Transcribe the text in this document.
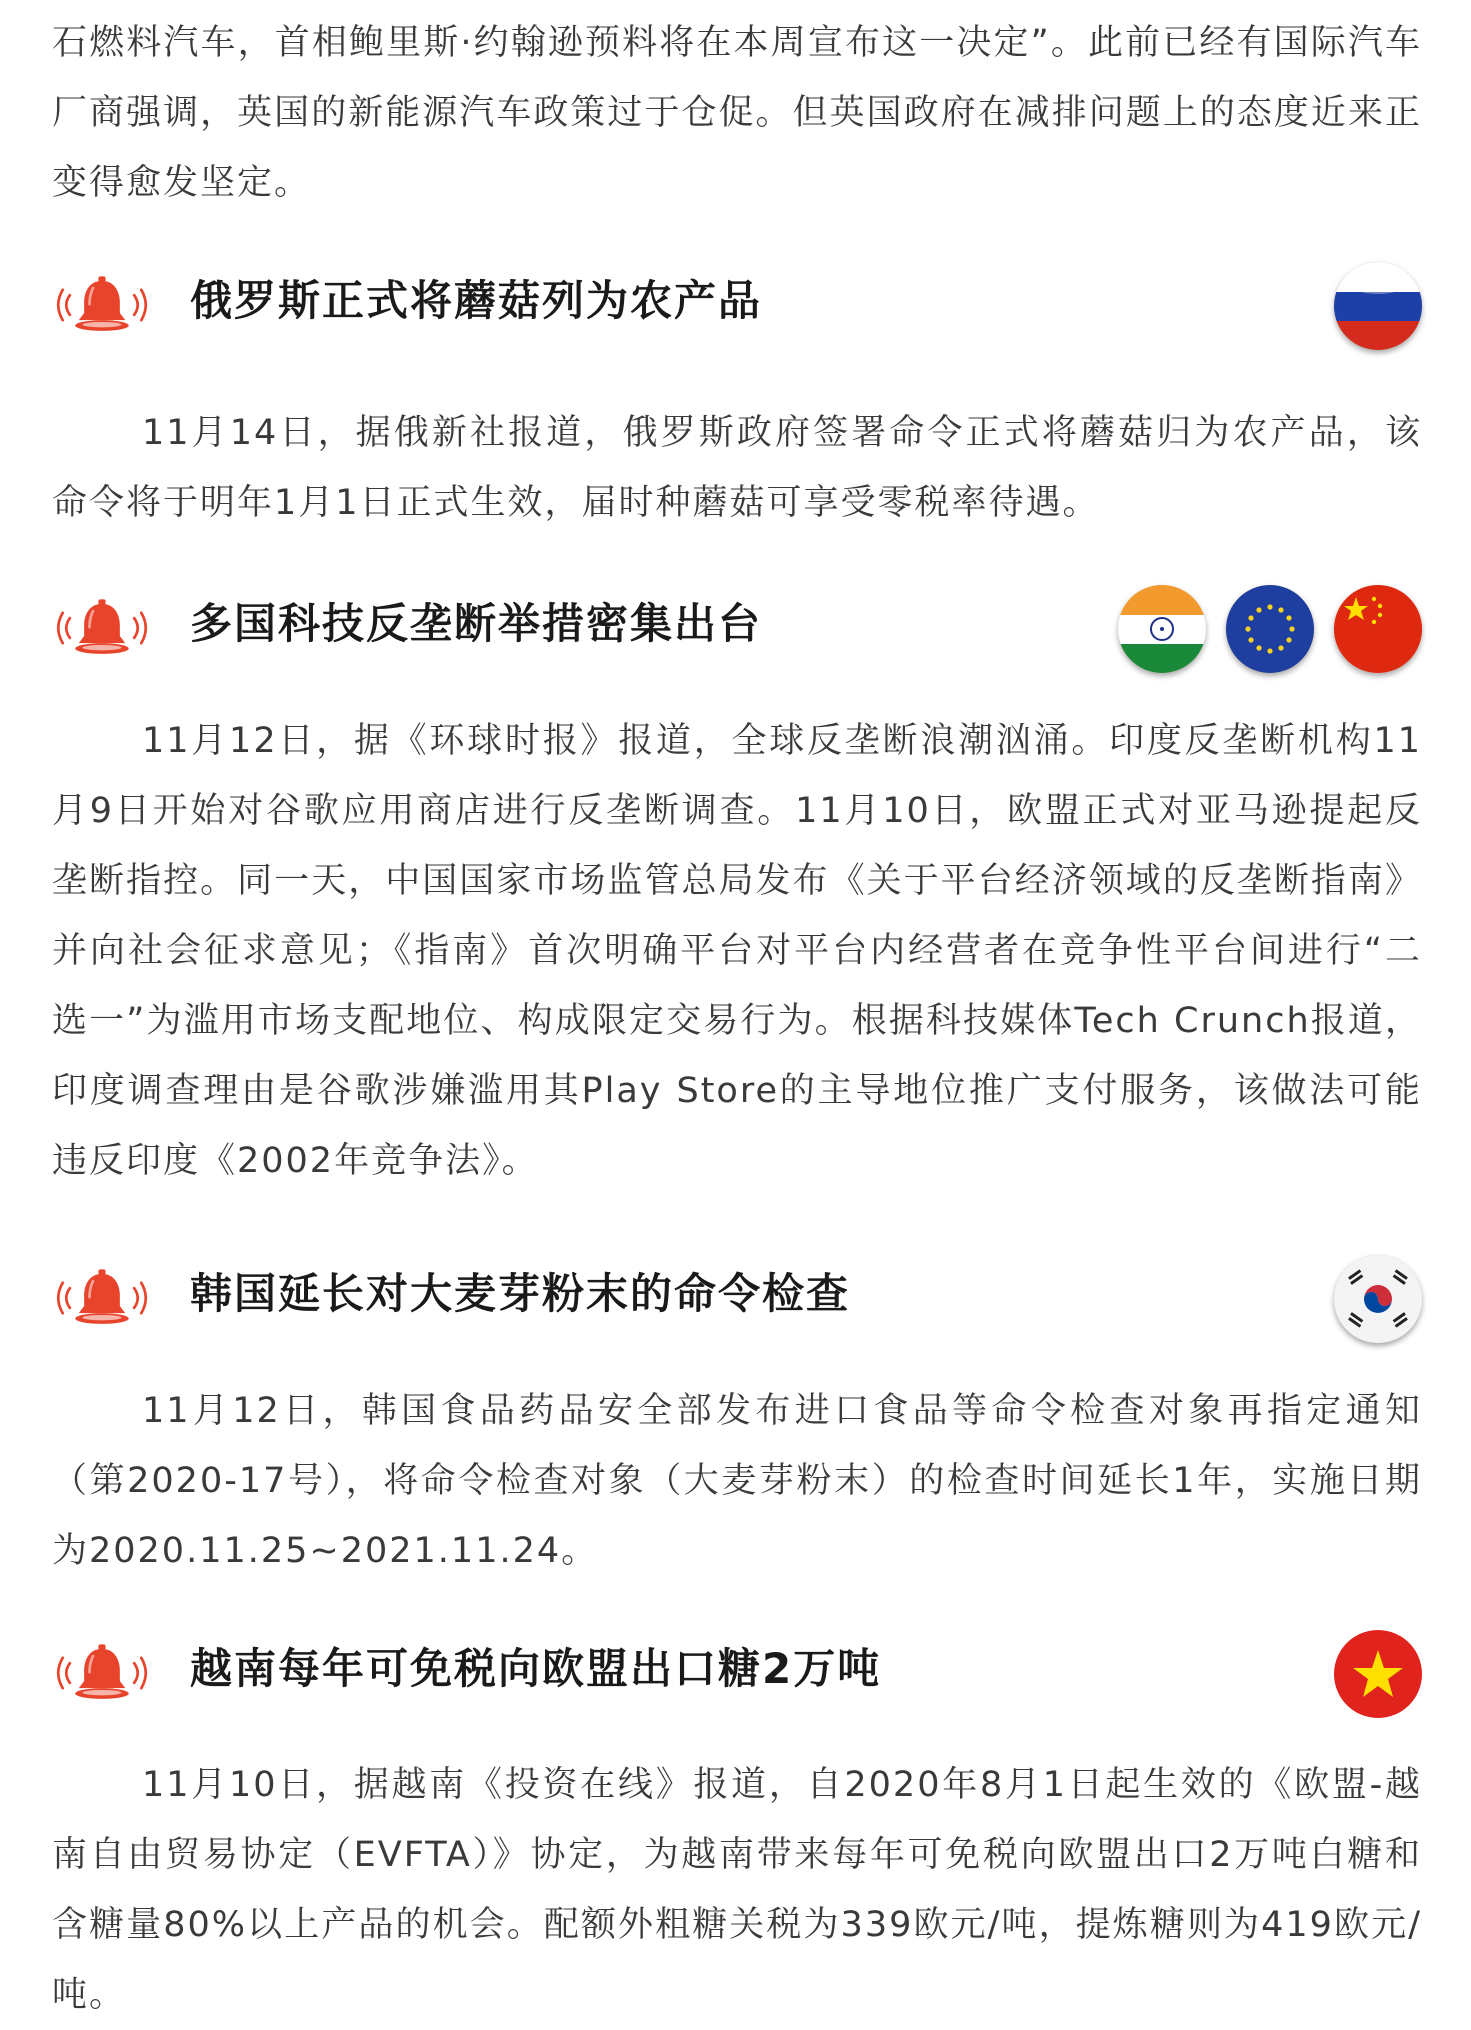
石燃料汽车，首相鲍里斯·约翰逊预料将在本周宣布这一决定”。此前已经有国际汽车厂商强调，英国的新能源汽车政策过于仓促。但英国政府在减排问题上的态度近来正变得愈发坚定。

俄罗斯正式将蘑菇列为农产品

11月14日，据俄新社报道，俄罗斯政府签署命令正式将蘑菇归为农产品，该命令将于明年1月1日正式生效，届时种蘑菇可享受零税率待遇。

多国科技反垄断举措密集出台

11月12日，据《环球时报》报道，全球反垄断浪潮汹涌。印度反垄断机构11月9日开始对谷歌应用商店进行反垄断调查。11月10日，欧盟正式对亚马逊提起反垄断指控。同一天，中国国家市场监管总局发布《关于平台经济领域的反垄断指南》并向社会征求意见；《指南》首次明确平台对平台内经营者在竞争性平台间进行“二选一”为滥用市场支配地位、构成限定交易行为。根据科技媒体Tech Crunch报道，印度调查理由是谷歌涉嫌滥用其Play Store的主导地位推广支付服务，该做法可能违反印度《2002年竞争法》。

韩国延长对大麦芽粉末的命令检查

11月12日，韩国食品药品安全部发布进口食品等命令检查对象再指定通知（第2020-17号），将命令检查对象（大麦芽粉末）的检查时间延长1年，实施日期为2020.11.25~2021.11.24。

越南每年可免税向欧盟出口糖2万吨

11月10日，据越南《投资在线》报道，自2020年8月1日起生效的《欧盟-越南自由贸易协定（EVFTA）》协定，为越南带来每年可免税向欧盟出口2万吨白糖和含糖量80%以上产品的机会。配额外粗糖关税为339欧元/吨，提炼糖则为419欧元/吨。
